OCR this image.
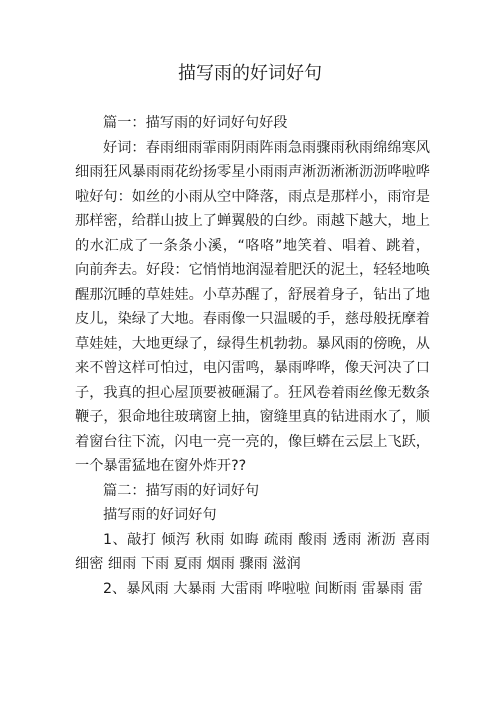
描写雨的好词好句

篇一：描写雨的好词好句好段

好词：春雨细雨霏雨阴雨阵雨急雨骤雨秋雨绵绵寒风细雨狂风暴雨雨花纷扬零星小雨雨声淅沥淅淅沥沥哗啦哗啦好句：如丝的小雨从空中降落，雨点是那样小，雨帘是那样密，给群山披上了蝉翼般的白纱。雨越下越大，地上的水汇成了一条条小溪，“咯咯”地笑着、唱着、跳着，向前奔去。好段：它悄悄地润湿着肥沃的泥土，轻轻地唤醒那沉睡的草娃娃。小草苏醒了，舒展着身子，钻出了地皮儿，染绿了大地。春雨像一只温暖的手，慈母般抚摩着草娃娃，大地更绿了，绿得生机勃勃。暴风雨的傍晚，从来不曾这样可怕过，电闪雷鸣，暴雨哗哗，像天河决了口子，我真的担心屋顶要被砸漏了。狂风卷着雨丝像无数条鞭子，狠命地往玻璃窗上抽，窗缝里真的钻进雨水了，顺着窗台往下流，闪电一亮一亮的，像巨蟒在云层上飞跃，一个暴雷猛地在窗外炸开??

篇二：描写雨的好词好句

描写雨的好词好句

1、敲打 倾泻 秋雨 如晦 疏雨 酸雨 透雨 淅沥 喜雨 细密 细雨 下雨 夏雨 烟雨 骤雨 滋润

2、暴风雨 大暴雨 大雷雨 哗啦啦 间断雨 雷暴雨 雷
